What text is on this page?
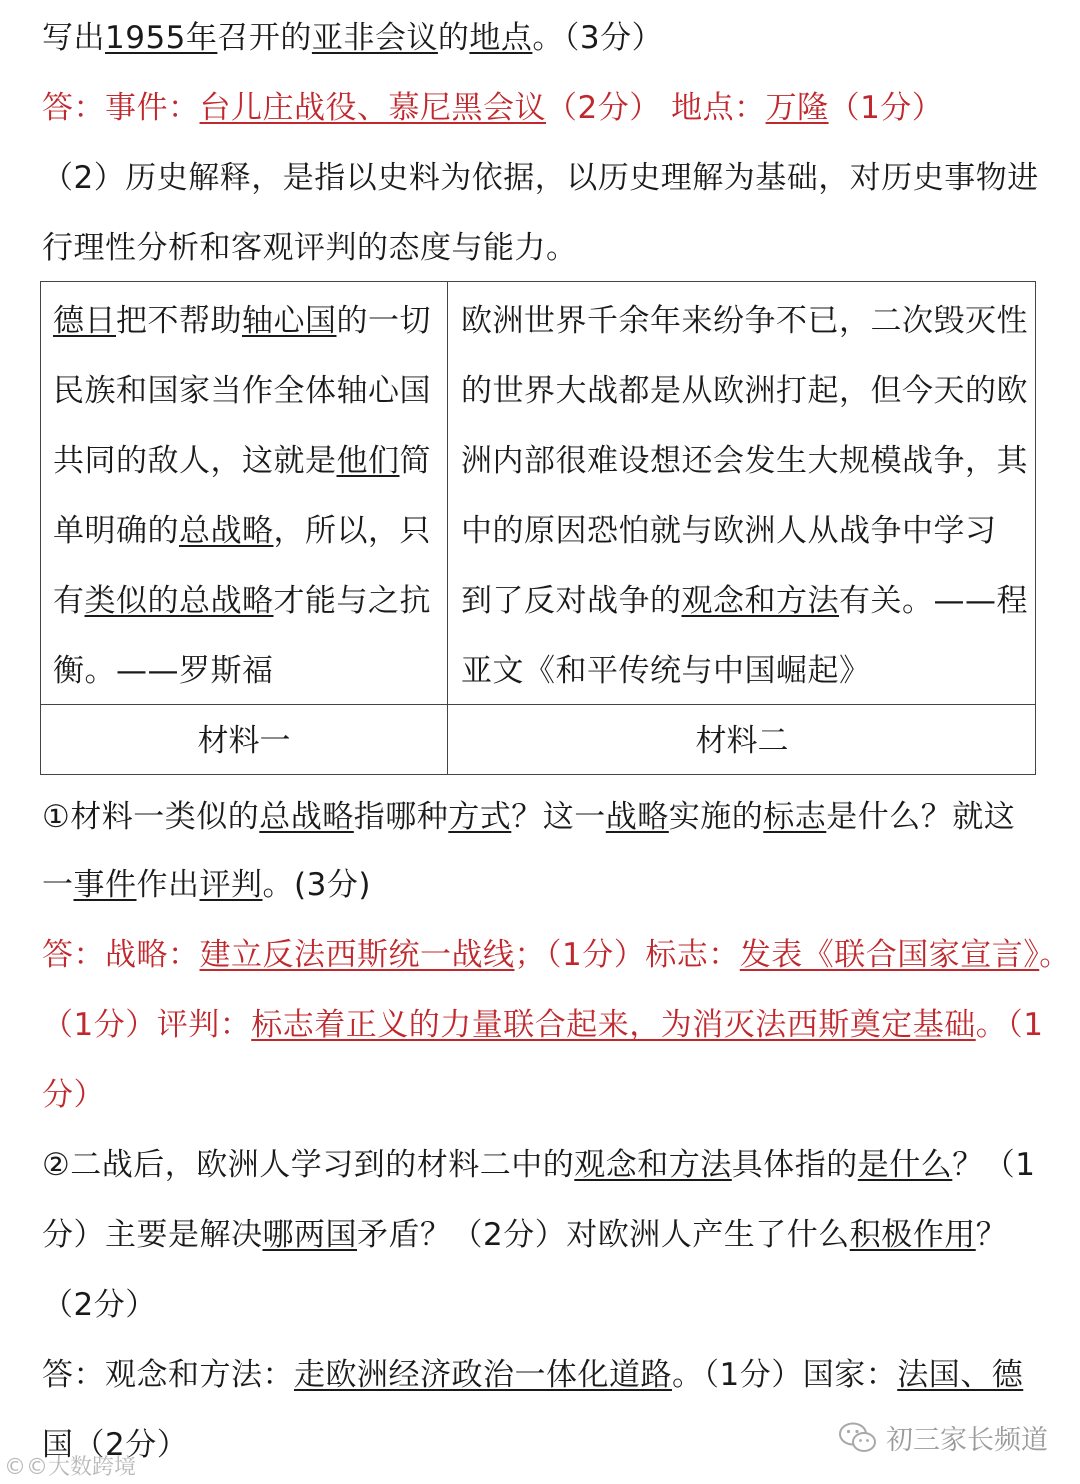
写出1955年召开的亚非会议的地点。（3分）
答：事件：台儿庄战役、慕尼黑会议（2分） 地点：万隆（1分）
（2）历史解释，是指以史料为依据，以历史理解为基础，对历史事物进
行理性分析和客观评判的态度与能力。
德日把不帮助轴心国的一切
民族和国家当作全体轴心国
共同的敌人，这就是他们简
单明确的总战略，所以，只
有类似的总战略才能与之抗
衡。——罗斯福
欧洲世界千余年来纷争不已，二次毁灭性
的世界大战都是从欧洲打起，但今天的欧
洲内部很难设想还会发生大规模战争，其
中的原因恐怕就与欧洲人从战争中学习
到了反对战争的观念和方法有关。——程
亚文《和平传统与中国崛起》
材料一	材料二
①材料一类似的总战略指哪种方式？这一战略实施的标志是什么？就这
一事件作出评判。(3分)
答：战略：建立反法西斯统一战线；（1分）标志：发表《联合国家宣言》。
（1分）评判：标志着正义的力量联合起来，为消灭法西斯奠定基础。（1
分）
②二战后，欧洲人学习到的材料二中的观念和方法具体指的是什么？（1
分）主要是解决哪两国矛盾？（2分）对欧洲人产生了什么积极作用？
（2分）
答：观念和方法：走欧洲经济政治一体化道路。（1分）国家：法国、德
国（2分）
©©大数跨境
初三家长频道
